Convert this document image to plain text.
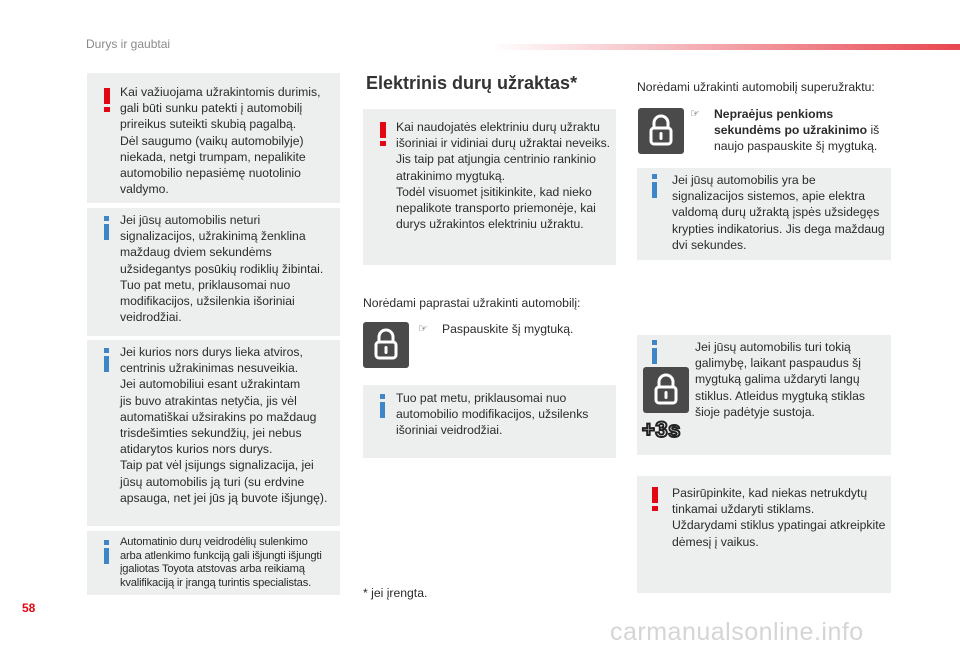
Durys ir gaubtai
Kai važiuojama užrakintomis durimis,
gali būti sunku patekti į automobilį
prireikus suteikti skubią pagalbą.
Dėl saugumo (vaikų automobilyje)
niekada, netgi trumpam, nepalikite
automobilio nepasiėmę nuotolinio
valdymo.
Jei jūsų automobilis neturi
signalizacijos, užrakinimą ženklina
maždaug dviem sekundėms
užsidegantys posūkių rodiklių žibintai.
Tuo pat metu, priklausomai nuo
modifikacijos, užsilenkia išoriniai
veidrodžiai.
Jei kurios nors durys lieka atviros,
centrinis užrakinimas nesuveikia.
Jei automobiliui esant užrakintam
jis buvo atrakintas netyčia, jis vėl
automatiškai užsirakins po maždaug
trisdešimties sekundžių, jei nebus
atidarytos kurios nors durys.
Taip pat vėl įsijungs signalizacija, jei
jūsų automobilis ją turi (su erdvine
apsauga, net jei jūs ją buvote išjungę).
Automatinio durų veidrodėlių sulenkimo
arba atlenkimo funkciją gali išjungti išjungti
įgaliotas Toyota atstovas arba reikiamą
kvalifikaciją ir įrangą turintis specialistas.
Elektrinis durų užraktas*
Kai naudojatės elektriniu durų užraktu
išoriniai ir vidiniai durų užraktai neveiks.
Jis taip pat atjungia centrinio rankinio
atrakinimo mygtuką.
Todėl visuomet įsitikinkite, kad nieko
nepalikote transporto priemonėje, kai
durys užrakintos elektriniu užraktu.
Norėdami paprastai užrakinti automobilį:
☞ Paspauskite šį mygtuką.
Tuo pat metu, priklausomai nuo
automobilio modifikacijos, užsilenks
išoriniai veidrodžiai.
* jei įrengta.
Norėdami užrakinti automobilį superužraktu:
☞ Nepraėjus penkioms
sekundėms po užrakinimo iš
naujo paspauskite šį mygtuką.
Jei jūsų automobilis yra be
signalizacijos sistemos, apie elektra
valdomą durų užraktą įspės užsidegęs
krypties indikatorius. Jis dega maždaug
dvi sekundes.
+3s
Jei jūsų automobilis turi tokią
galimybę, laikant paspaudus šį
mygtuką galima uždaryti langų
stiklus. Atleidus mygtuką stiklas
šioje padėtyje sustoja.
Pasirūpinkite, kad niekas netrukdytų
tinkamai uždaryti stiklams.
Uždarydami stiklus ypatingai atkreipkite
dėmesį į vaikus.
58
carmanualsonline.info
